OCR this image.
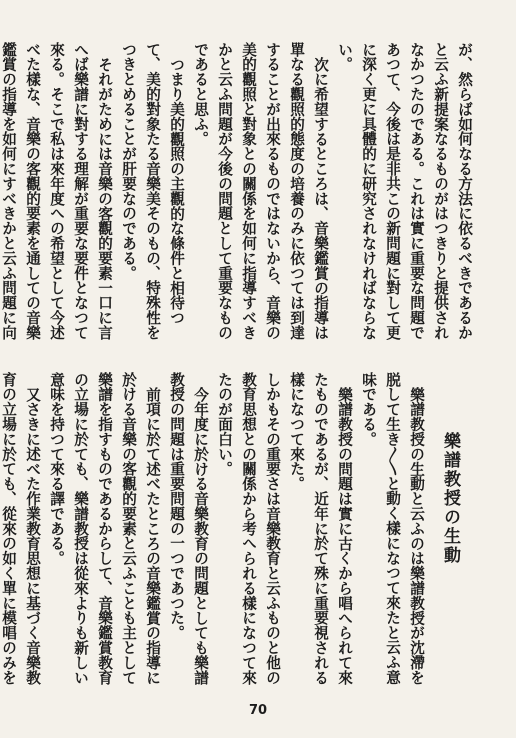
が、然らば如何なる方法に依るべきであるかと云ふ新提案なるものがはつきりと提供されなかつたのである。これは實に重要な問題であつて、今後は是非共この新問題に對して更に深く更に具體的に研究されなければならない。

次に希望するところは、音樂鑑賞の指導は單なる觀照的態度の培養のみに依つては到達することが出來るものではないから、音樂の美的觀照と對象との關係を如何に指導すべきかと云ふ問題が今後の問題として重要なものであると思ふ。

つまり美的觀照の主觀的な條件と相待つて、美的對象たる音樂美そのもの、特殊性をつきとめることが肝要なのである。

それがためには音樂の客觀的要素一口に言へば樂譜に對する理解が重要な要件となつて來る。そこで私は來年度への希望として今述べた樣な、音樂の客觀的要素を通しての音樂鑑賞の指導を如何にすべきかと云ふ問題に向

樂譜教授の生動

樂譜教授の生動と云ふのは樂譜教授が沈滯を脱して生き〳〵と動く樣になつて來たと云ふ意味である。

樂譜教授の問題は實に古くから唱へられて來たものであるが、近年に於て殊に重要視される樣になつて來た。

しかもその重要さは音樂教育と云ふものと他の教育思想との關係から考へられる樣になつて來たのが面白い。

今年度に於ける音樂教育の問題としても樂譜教授の問題は重要問題の一つであつた。

前項に於て述べたところの音樂鑑賞の指導に於ける音樂の客觀的要素と云ふことも主として樂譜を指すものであるからして、音樂鑑賞教育の立場に於ても、樂譜教授は從來よりも新しい意味を持つて來る譯である。

又さきに述べた作業教育思想に基づく音樂教育の立場に於ても、從來の如く單に模唱のみを

70
